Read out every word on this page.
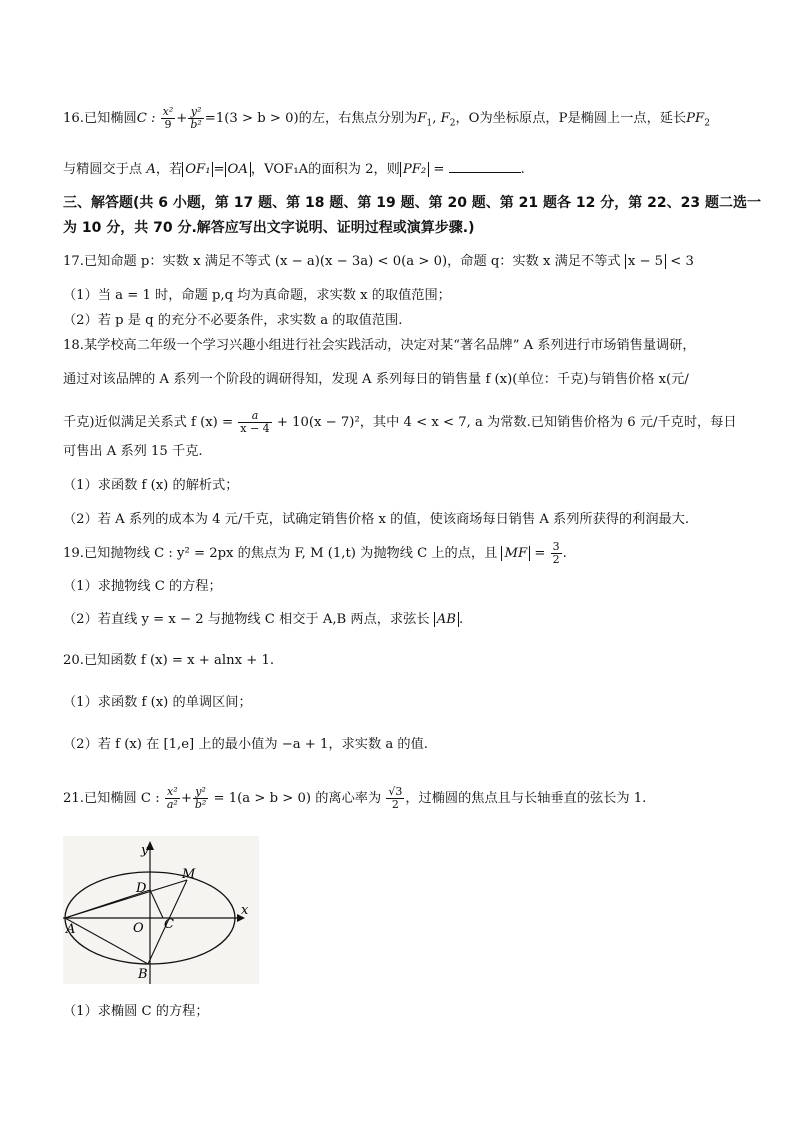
16.已知椭圆C : $\frac{\text{x²}}{9} + \frac{\text{y²}}{\text{b²}} =1(3 > b > 0)$的左，右焦点分别为$F_1$, $F_2$，O为坐标原点，P是椭圆上一点，延长$PF_2$
与精圆交于点 A，若 OF₁ = OA ，VOF₁A的面积为 2，则 PF₂ =	.
三、解答题(共 6 小题，第 17 题、第 18 题、第 19 题、第 20 题、第 21 题各 12 分，第 22、23 题二选一
为 10 分，共 70 分.解答应写出文字说明、证明过程或演算步骤.)
17.已知命题 p：实数 x 满足不等式 (x − a)(x − 3a) < 0(a > 0)，命题 q：实数 x 满足不等式 x − 5 < 3
（1）当 a = 1 时，命题 p,q 均为真命题，求实数 x 的取值范围；
（2）若 p 是 q 的充分不必要条件，求实数 a 的取值范围.
18.某学校高二年级一个学习兴趣小组进行社会实践活动，决定对某“著名品牌” A 系列进行市场销售量调研，
通过对该品牌的 A 系列一个阶段的调研得知，发现 A 系列每日的销售量 f (x)(单位：千克)与销售价格 x(元/
千克)近似满足关系式 f $(x) = \frac{a}{x - 4} + 10(x - 7)^2$，其中 4 < x < 7, a 为常数.已知销售价格为 6 元/千克时，每日
可售出 A 系列 15 千克.
（1）求函数 f (x) 的解析式；
（2）若 A 系列的成本为 4 元/千克，试确定销售价格 x 的值，使该商场每日销售 A 系列所获得的利润最大.
19.已知抛物线 C : y² = 2px 的焦点为 F, M (1,t) 为抛物线 C 上的点，且 MF = $\frac{3}{2}$ .
（1）求抛物线 C 的方程；
（2）若直线 y = x − 2 与抛物线 C 相交于 A,B 两点，求弦长 AB .
20.已知函数 f (x) = x + alnx + 1.
（1）求函数 f (x) 的单调区间；
（2）若 f (x) 在 [1,e] 上的最小值为 −a + 1，求实数 a 的值.
21.已知椭圆 C : $\frac{\text{x²}}{\text{a²}} + \frac{\text{y²}}{\text{b²}} = 1(a > b > 0)$ 的离心率为 $\frac{√3}{2}$ ，过椭圆的焦点且与长轴垂直的弦长为 1.
y
x
D
M
O C
A
B
（1）求椭圆 C 的方程；
